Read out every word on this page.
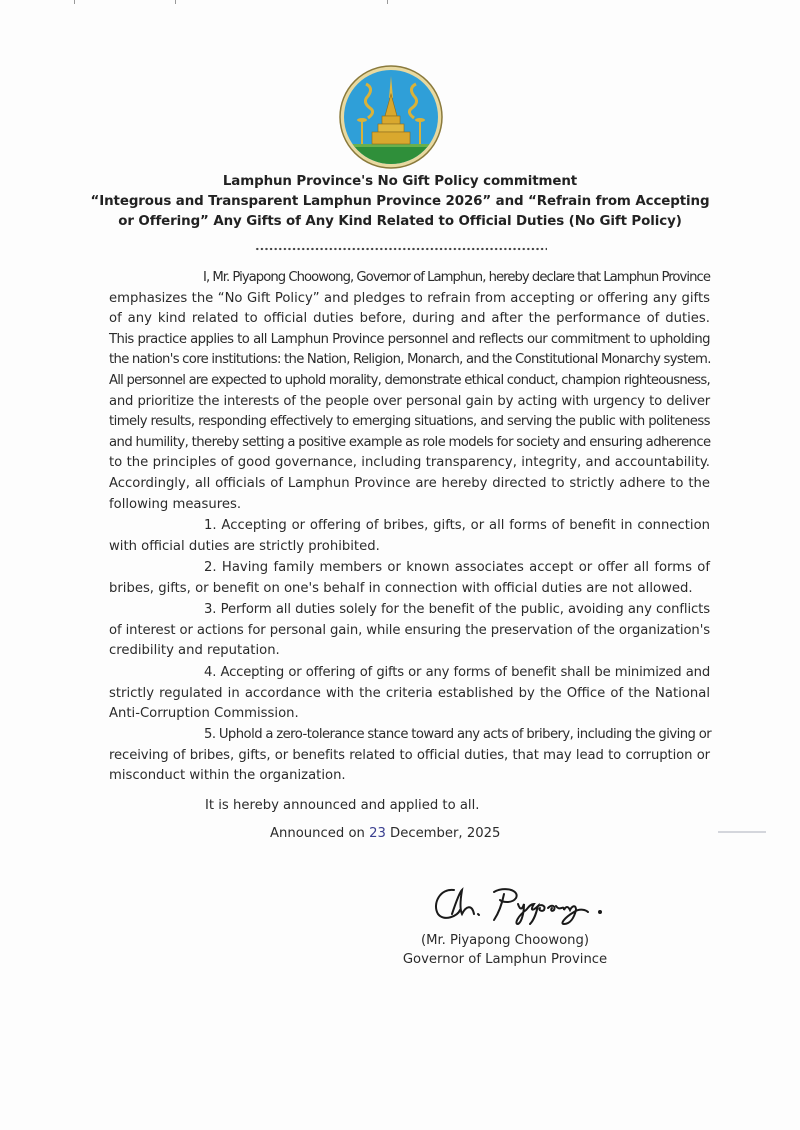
Lamphun Province's No Gift Policy commitment
“Integrous and Transparent Lamphun Province 2026” and “Refrain from Accepting
or Offering” Any Gifts of Any Kind Related to Official Duties (No Gift Policy)
I, Mr. Piyapong Choowong, Governor of Lamphun, hereby declare that Lamphun Province
emphasizes the “No Gift Policy” and pledges to refrain from accepting or offering any gifts
of any kind related to official duties before, during and after the performance of duties.
This practice applies to all Lamphun Province personnel and reflects our commitment to upholding
the nation's core institutions: the Nation, Religion, Monarch, and the Constitutional Monarchy system.
All personnel are expected to uphold morality, demonstrate ethical conduct, champion righteousness,
and prioritize the interests of the people over personal gain by acting with urgency to deliver
timely results, responding effectively to emerging situations, and serving the public with politeness
and humility, thereby setting a positive example as role models for society and ensuring adherence
to the principles of good governance, including transparency, integrity, and accountability.
Accordingly, all officials of Lamphun Province are hereby directed to strictly adhere to the
following measures.
1. Accepting or offering of bribes, gifts, or all forms of benefit in connection
with official duties are strictly prohibited.
2. Having family members or known associates accept or offer all forms of
bribes, gifts, or benefit on one's behalf in connection with official duties are not allowed.
3. Perform all duties solely for the benefit of the public, avoiding any conflicts
of interest or actions for personal gain, while ensuring the preservation of the organization's
credibility and reputation.
4. Accepting or offering of gifts or any forms of benefit shall be minimized and
strictly regulated in accordance with the criteria established by the Office of the National
Anti-Corruption Commission.
5. Uphold a zero-tolerance stance toward any acts of bribery, including the giving or
receiving of bribes, gifts, or benefits related to official duties, that may lead to corruption or
misconduct within the organization.
It is hereby announced and applied to all.
Announced on 23 December, 2025
(Mr. Piyapong Choowong)
Governor of Lamphun Province
